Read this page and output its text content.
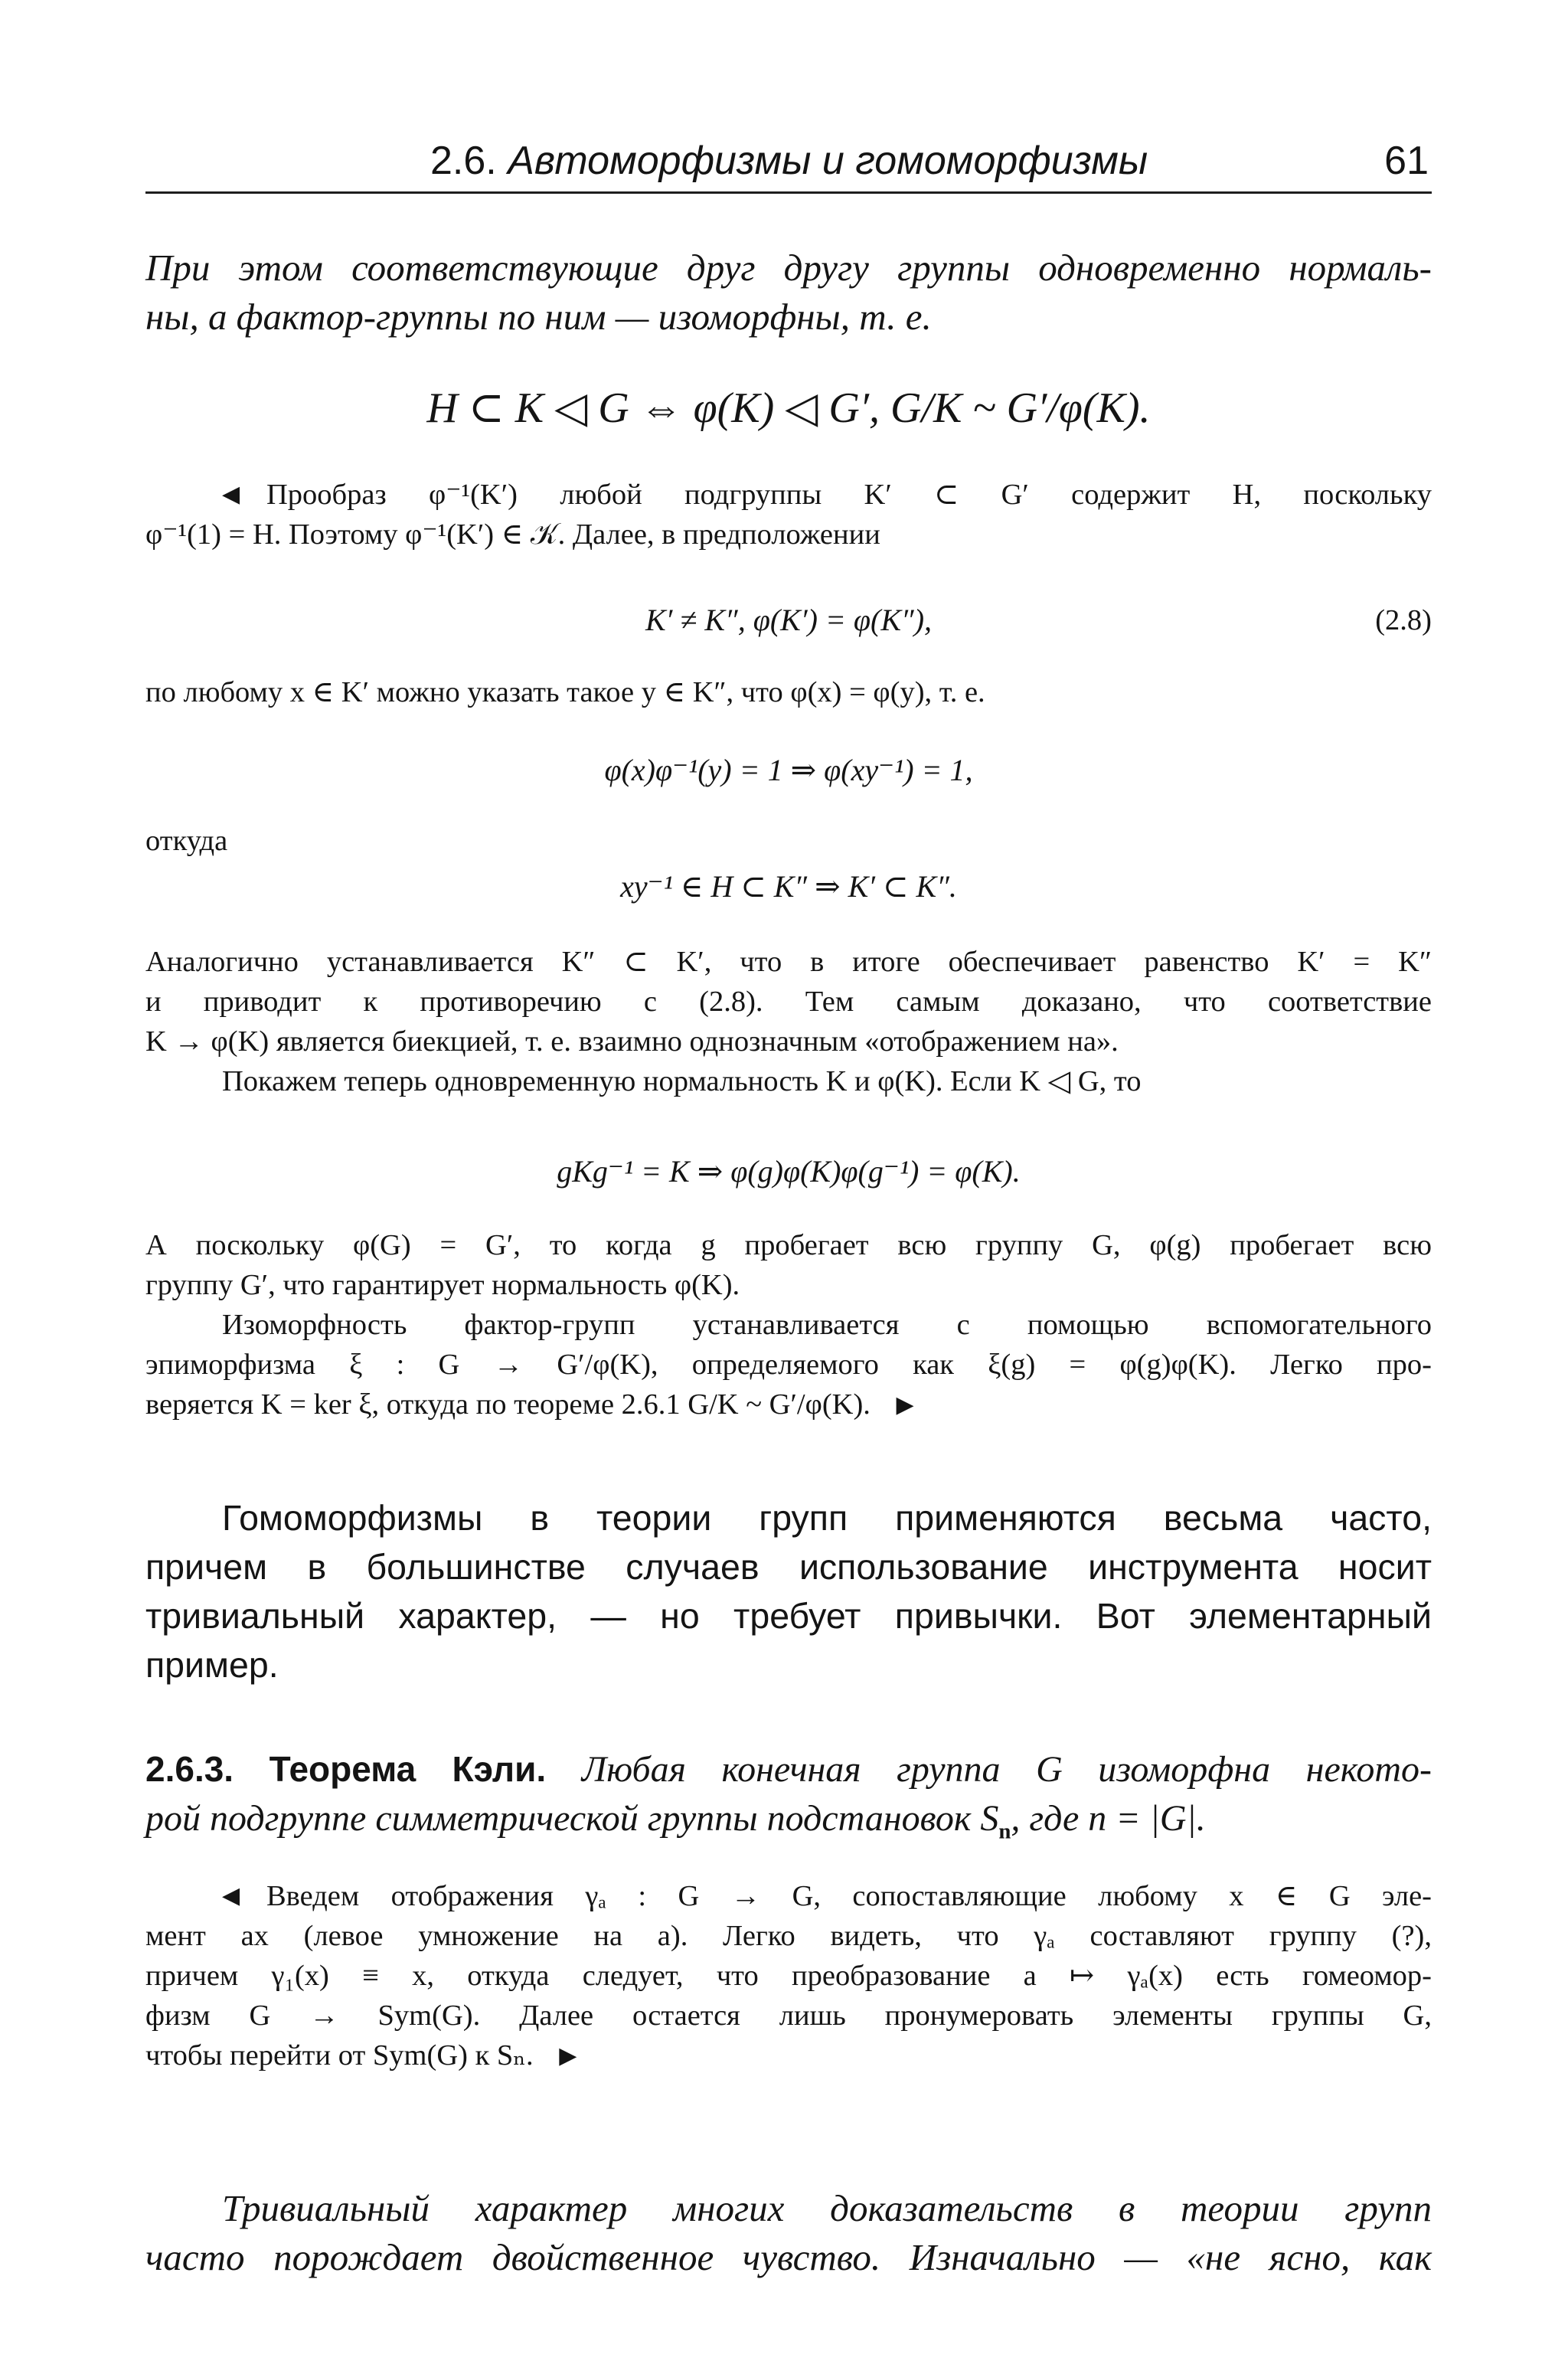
2.6. Автоморфизмы и гомоморфизмы	61
При этом соответствующие друг другу группы одновременно нормаль-
ны, а фактор-группы по ним — изоморфны, т. е.
H ⊂ K ◁ G ⇔ φ(K) ◁ G′, G/K ~ G′/φ(K).
◀ Прообраз φ⁻¹(K′) любой подгруппы K′ ⊂ G′ содержит H, поскольку
φ⁻¹(1) = H. Поэтому φ⁻¹(K′) ∈ 𝒦. Далее, в предположении
K′ ≠ K″, φ(K′) = φ(K″),	(2.8)
по любому x ∈ K′ можно указать такое y ∈ K″, что φ(x) = φ(y), т. е.
φ(x)φ⁻¹(y) = 1 ⇒ φ(xy⁻¹) = 1,
откуда
xy⁻¹ ∈ H ⊂ K″ ⇒ K′ ⊂ K″.
Аналогично устанавливается K″ ⊂ K′, что в итоге обеспечивает равенство K′ = K″
и приводит к противоречию с (2.8). Тем самым доказано, что соответствие
K → φ(K) является биекцией, т. е. взаимно однозначным «отображением на».
Покажем теперь одновременную нормальность K и φ(K). Если K ◁ G, то
gKg⁻¹ = K ⇒ φ(g)φ(K)φ(g⁻¹) = φ(K).
А поскольку φ(G) = G′, то когда g пробегает всю группу G, φ(g) пробегает всю
группу G′, что гарантирует нормальность φ(K).
Изоморфность фактор-групп устанавливается с помощью вспомогательного
эпиморфизма ξ : G → G′/φ(K), определяемого как ξ(g) = φ(g)φ(K). Легко про-
веряется K = ker ξ, откуда по теореме 2.6.1 G/K ~ G′/φ(K). ▶
Гомоморфизмы в теории групп применяются весьма часто,
причем в большинстве случаев использование инструмента носит
тривиальный характер, — но требует привычки. Вот элементарный
пример.
2.6.3. Теорема Кэли. Любая конечная группа G изоморфна некото-
рой подгруппе симметрической группы подстановок $S_n$, где n = |G|.
◀ Введем отображения γₐ : G → G, сопоставляющие любому x ∈ G эле-
мент ax (левое умножение на a). Легко видеть, что γₐ составляют группу (?),
причем γ₁(x) ≡ x, откуда следует, что преобразование a ↦ γₐ(x) есть гомеомор-
физм G → Sym(G). Далее остается лишь пронумеровать элементы группы G,
чтобы перейти от Sym(G) к Sₙ. ▶
Тривиальный характер многих доказательств в теории групп
часто порождает двойственное чувство. Изначально — «не ясно, как
